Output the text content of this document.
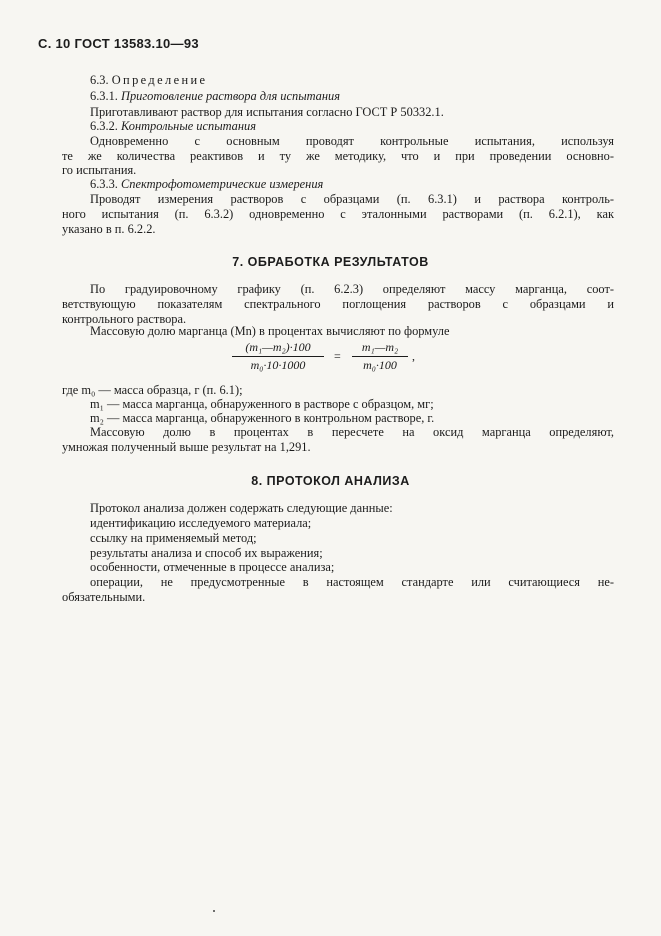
С. 10 ГОСТ 13583.10—93
6.3. Определение
6.3.1. Приготовление раствора для испытания
Приготавливают раствор для испытания согласно ГОСТ Р 50332.1.
6.3.2. Контрольные испытания
Одновременно с основным проводят контрольные испытания, используя
те же количества реактивов и ту же методику, что и при проведении основно-
го испытания.
6.3.3. Спектрофотометрические измерения
Проводят измерения растворов с образцами (п. 6.3.1) и раствора контроль-
ного испытания (п. 6.3.2) одновременно с эталонными растворами (п. 6.2.1), как
указано в п. 6.2.2.
7. ОБРАБОТКА РЕЗУЛЬТАТОВ
По градуировочному графику (п. 6.2.3) определяют массу марганца, соот-
ветствующую показателям спектрального поглощения растворов с образцами и
контрольного раствора.
Массовую долю марганца (Mn) в процентах вычисляют по формуле
$\frac{\text{(m₁—m₂)·100}}{\text{m₀·10·1000}} = \frac{\text{m₁—m₂}}{\text{m₀·100}}$ ,
где m₀ — масса образца, г (п. 6.1);
m₁ — масса марганца, обнаруженного в растворе с образцом, мг;
m₂ — масса марганца, обнаруженного в контрольном растворе, г.
Массовую долю в процентах в пересчете на оксид марганца определяют,
умножая полученный выше результат на 1,291.
8. ПРОТОКОЛ АНАЛИЗА
Протокол анализа должен содержать следующие данные:
идентификацию исследуемого материала;
ссылку на применяемый метод;
результаты анализа и способ их выражения;
особенности, отмеченные в процессе анализа;
операции, не предусмотренные в настоящем стандарте или считающиеся не-
обязательными.
